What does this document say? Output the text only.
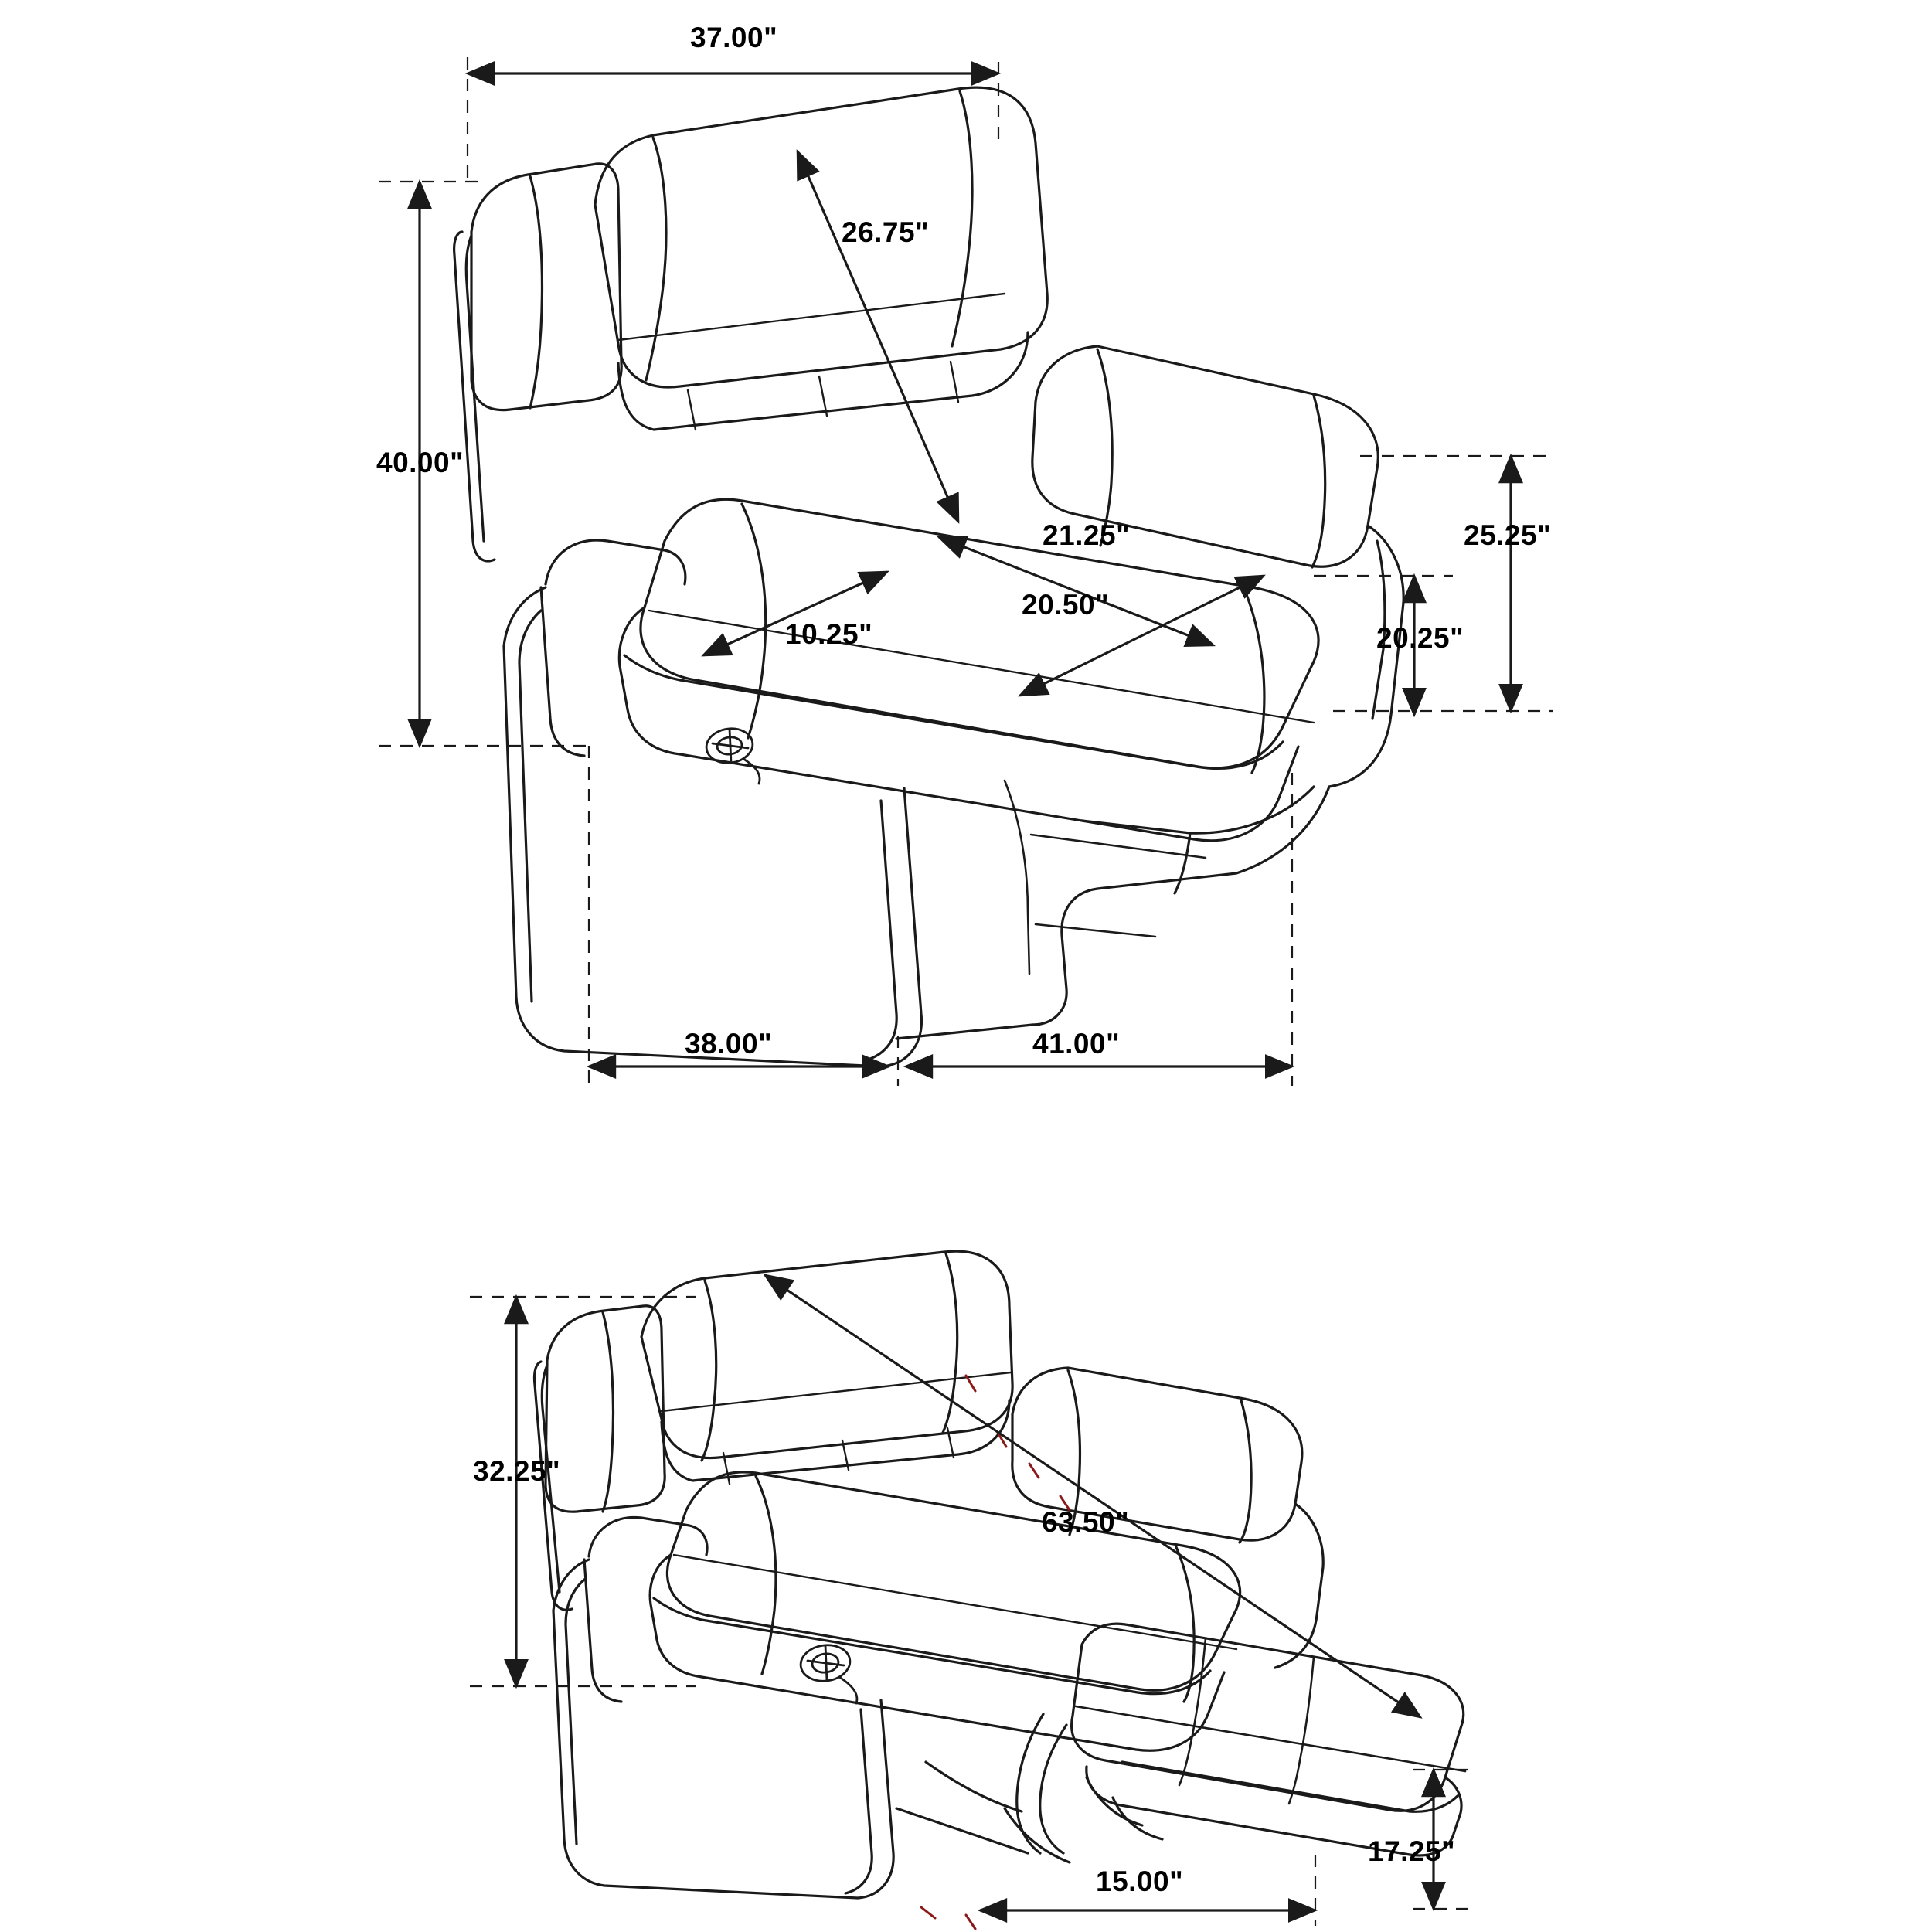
37.00"
40.00"
26.75"
21.25"
20.50"
10.25"
25.25"
20.25"
38.00"	41.00"
32.25"
63.50"
17.25"
15.00"
